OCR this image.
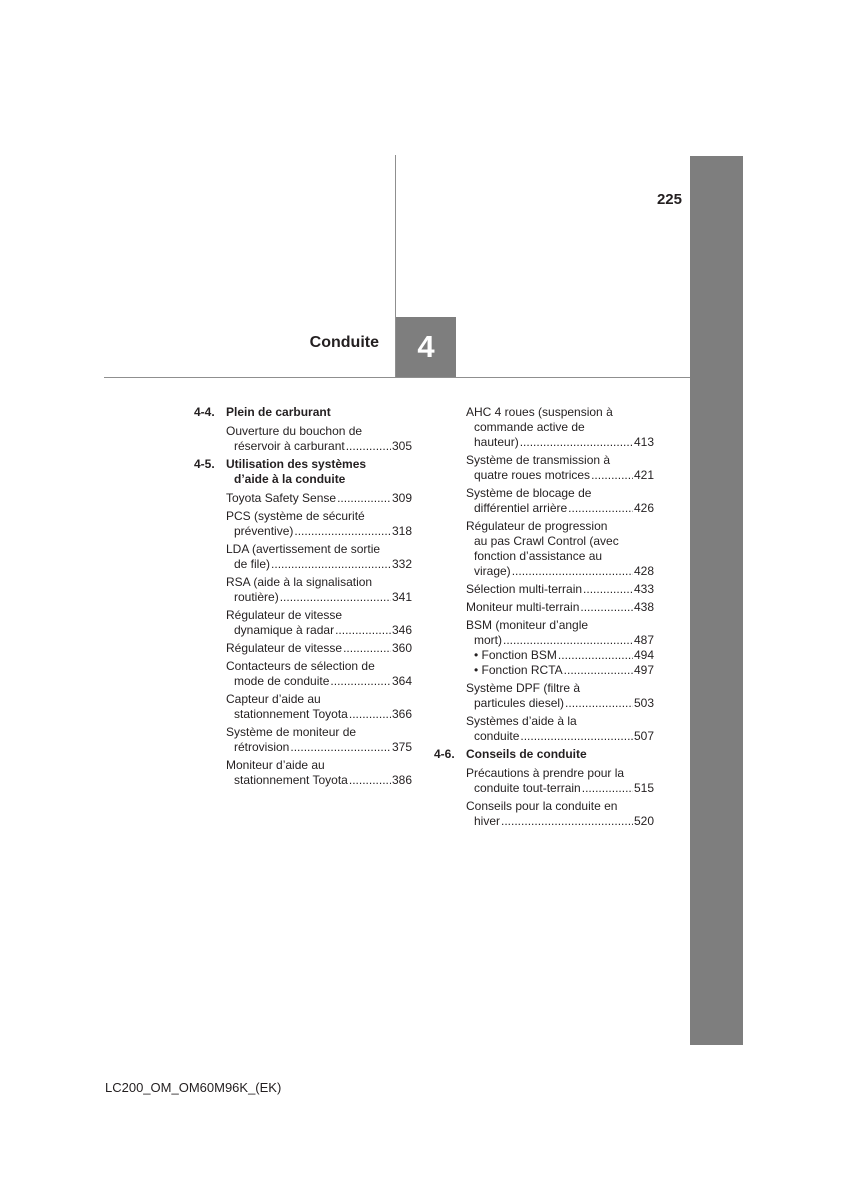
225
Conduite	4
4-4. Plein de carburant
Ouverture du bouchon de
réservoir à carburant .....	305
4-5. Utilisation des systèmes
d’aide à la conduite
Toyota Safety Sense .....	309
PCS (système de sécurité
préventive) .....	318
LDA (avertissement de sortie
de file) .....	332
RSA (aide à la signalisation
routière) .....	341
Régulateur de vitesse
dynamique à radar .....	346
Régulateur de vitesse .....	360
Contacteurs de sélection de
mode de conduite .....	364
Capteur d’aide au
stationnement Toyota .....	366
Système de moniteur de
rétrovision .....	375
Moniteur d’aide au
stationnement Toyota .....	386
AHC 4 roues (suspension à
commande active de
hauteur) .....	413
Système de transmission à
quatre roues motrices .....	421
Système de blocage de
différentiel arrière .....	426
Régulateur de progression
au pas Crawl Control (avec
fonction d’assistance au
virage) .....	428
Sélection multi-terrain .....	433
Moniteur multi-terrain .....	438
BSM (moniteur d’angle
mort) .....	487
• Fonction BSM .....	494
• Fonction RCTA .....	497
Système DPF (filtre à
particules diesel) .....	503
Systèmes d’aide à la
conduite .....	507
4-6. Conseils de conduite
Précautions à prendre pour la
conduite tout-terrain .....	515
Conseils pour la conduite en
hiver .....	520
LC200_OM_OM60M96K_(EK)
